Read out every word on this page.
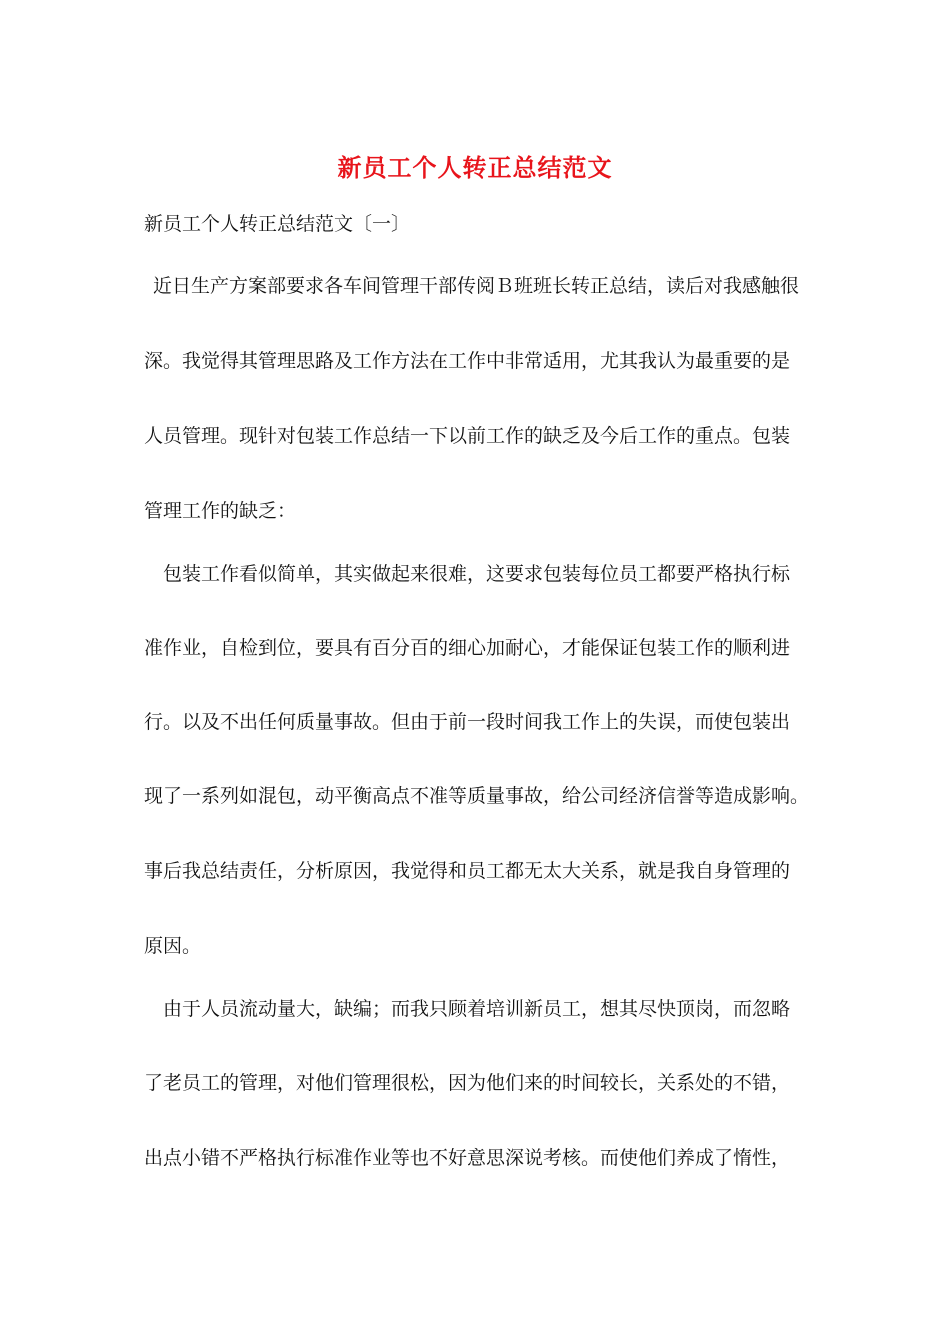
新员工个人转正总结范文
新员工个人转正总结范文〔一〕
近日生产方案部要求各车间管理干部传阅Ｂ班班长转正总结，读后对我感触很
深。我觉得其管理思路及工作方法在工作中非常适用，尤其我认为最重要的是
人员管理。现针对包装工作总结一下以前工作的缺乏及今后工作的重点。包装
管理工作的缺乏：
包装工作看似简单，其实做起来很难，这要求包装每位员工都要严格执行标
准作业，自检到位，要具有百分百的细心加耐心，才能保证包装工作的顺利进
行。以及不出任何质量事故。但由于前一段时间我工作上的失误，而使包装出
现了一系列如混包，动平衡高点不准等质量事故，给公司经济信誉等造成影响。
事后我总结责任，分析原因，我觉得和员工都无太大关系，就是我自身管理的
原因。
由于人员流动量大，缺编；而我只顾着培训新员工，想其尽快顶岗，而忽略
了老员工的管理，对他们管理很松，因为他们来的时间较长，关系处的不错，
出点小错不严格执行标准作业等也不好意思深说考核。而使他们养成了惰性，
